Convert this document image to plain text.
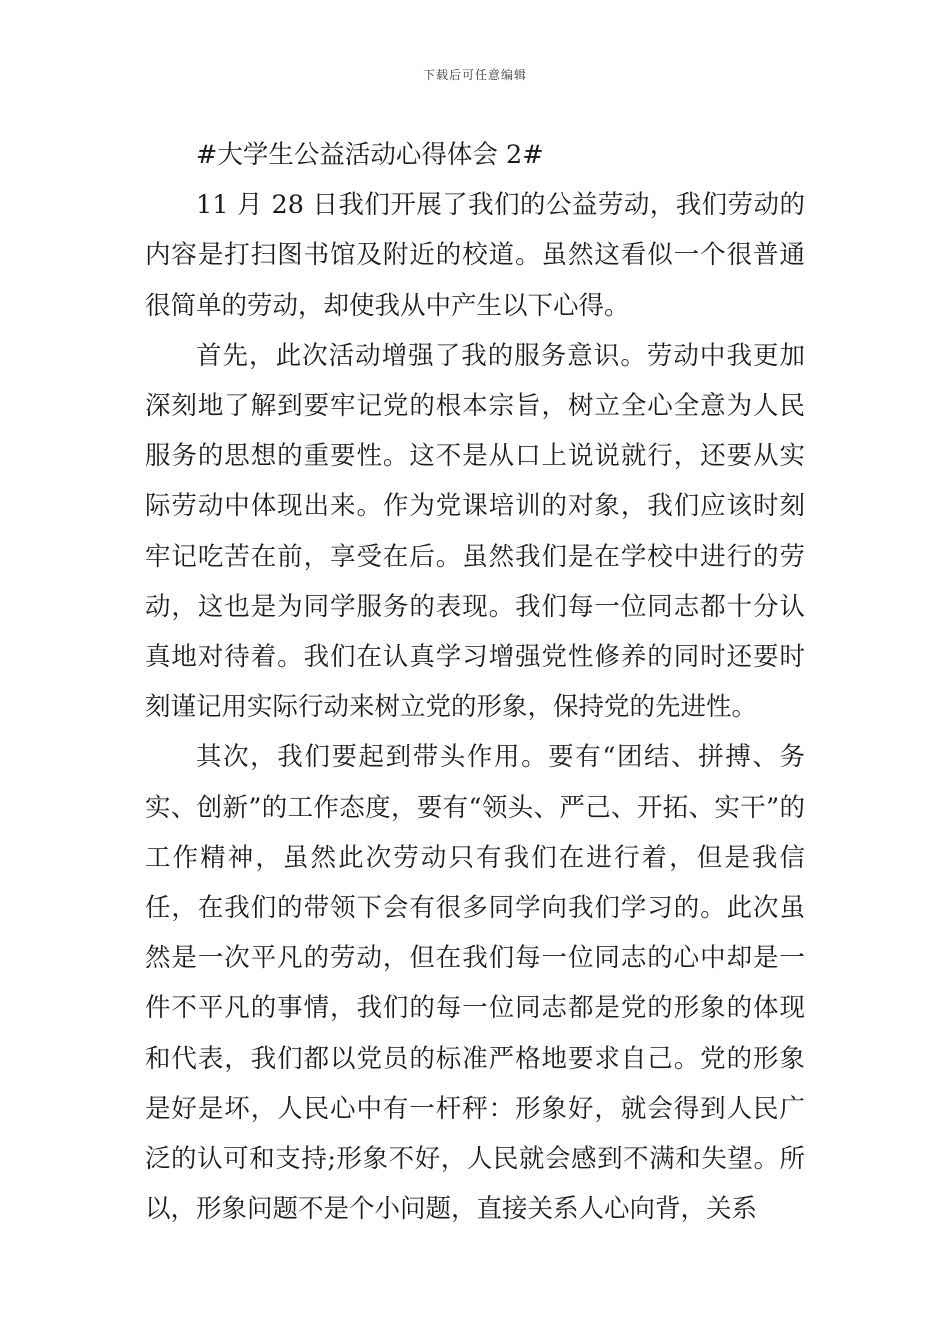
下载后可任意编辑

#大学生公益活动心得体会 2#

11 月 28 日我们开展了我们的公益劳动，我们劳动的内容是打扫图书馆及附近的校道。虽然这看似一个很普通很简单的劳动，却使我从中产生以下心得。

首先，此次活动增强了我的服务意识。劳动中我更加深刻地了解到要牢记党的根本宗旨，树立全心全意为人民服务的思想的重要性。这不是从口上说说就行，还要从实际劳动中体现出来。作为党课培训的对象，我们应该时刻牢记吃苦在前，享受在后。虽然我们是在学校中进行的劳动，这也是为同学服务的表现。我们每一位同志都十分认真地对待着。我们在认真学习增强党性修养的同时还要时刻谨记用实际行动来树立党的形象，保持党的先进性。

其次，我们要起到带头作用。要有“团结、拼搏、务实、创新”的工作态度，要有“领头、严己、开拓、实干”的工作精神，虽然此次劳动只有我们在进行着，但是我信任，在我们的带领下会有很多同学向我们学习的。此次虽然是一次平凡的劳动，但在我们每一位同志的心中却是一件不平凡的事情，我们的每一位同志都是党的形象的体现和代表，我们都以党员的标准严格地要求自己。党的形象是好是坏，人民心中有一杆秤：形象好，就会得到人民广泛的认可和支持;形象不好，人民就会感到不满和失望。所以，形象问题不是个小问题，直接关系人心向背，关系
